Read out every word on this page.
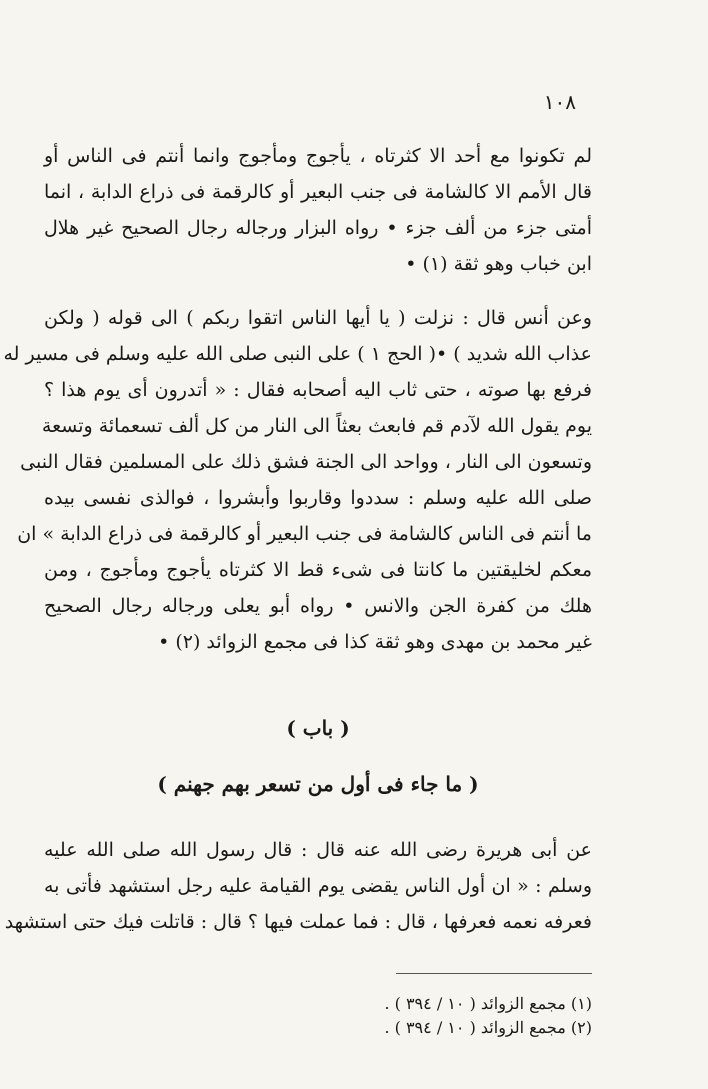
١٠٨
لم تكونوا مع أحد الا كثرتاه ، يأجوج ومأجوج وانما أنتم فى الناس أو
قال الأمم الا كالشامة فى جنب البعير أو كالرقمة فى ذراع الدابة ، انما
أمتى جزء من ألف جزء • رواه البزار ورجاله رجال الصحيح غير هلال
ابن خباب وهو ثقة (١) •
وعن أنس قال : نزلت ( يا أيها الناس اتقوا ربكم ) الى قوله ( ولكن
عذاب الله شديد ) •( الحج ١ ) على النبى صلى الله عليه وسلم فى مسير له
فرفع بها صوته ، حتى ثاب اليه أصحابه فقال : « أتدرون أى يوم هذا ؟
يوم يقول الله لآدم قم فابعث بعثاً الى النار من كل ألف تسعمائة وتسعة
وتسعون الى النار ، وواحد الى الجنة فشق ذلك على المسلمين فقال النبى
صلى الله عليه وسلم : سددوا وقاربوا وأبشروا ، فوالذى نفسى بيده
ما أنتم فى الناس كالشامة فى جنب البعير أو كالرقمة فى ذراع الدابة » ان
معكم لخليقتين ما كانتا فى شىء قط الا كثرتاه يأجوج ومأجوج ، ومن
هلك من كفرة الجن والانس • رواه أبو يعلى ورجاله رجال الصحيح
غير محمد بن مهدى وهو ثقة كذا فى مجمع الزوائد (٢) •
( باب )
( ما جاء فى أول من تسعر بهم جهنم )
عن أبى هريرة رضى الله عنه قال : قال رسول الله صلى الله عليه
وسلم : « ان أول الناس يقضى يوم القيامة عليه رجل استشهد فأتى به
فعرفه نعمه فعرفها ، قال : فما عملت فيها ؟ قال : قاتلت فيك حتى استشهد
(١) مجمع الزوائد ( ١٠ / ٣٩٤ ) .
(٢) مجمع الزوائد ( ١٠ / ٣٩٤ ) .
